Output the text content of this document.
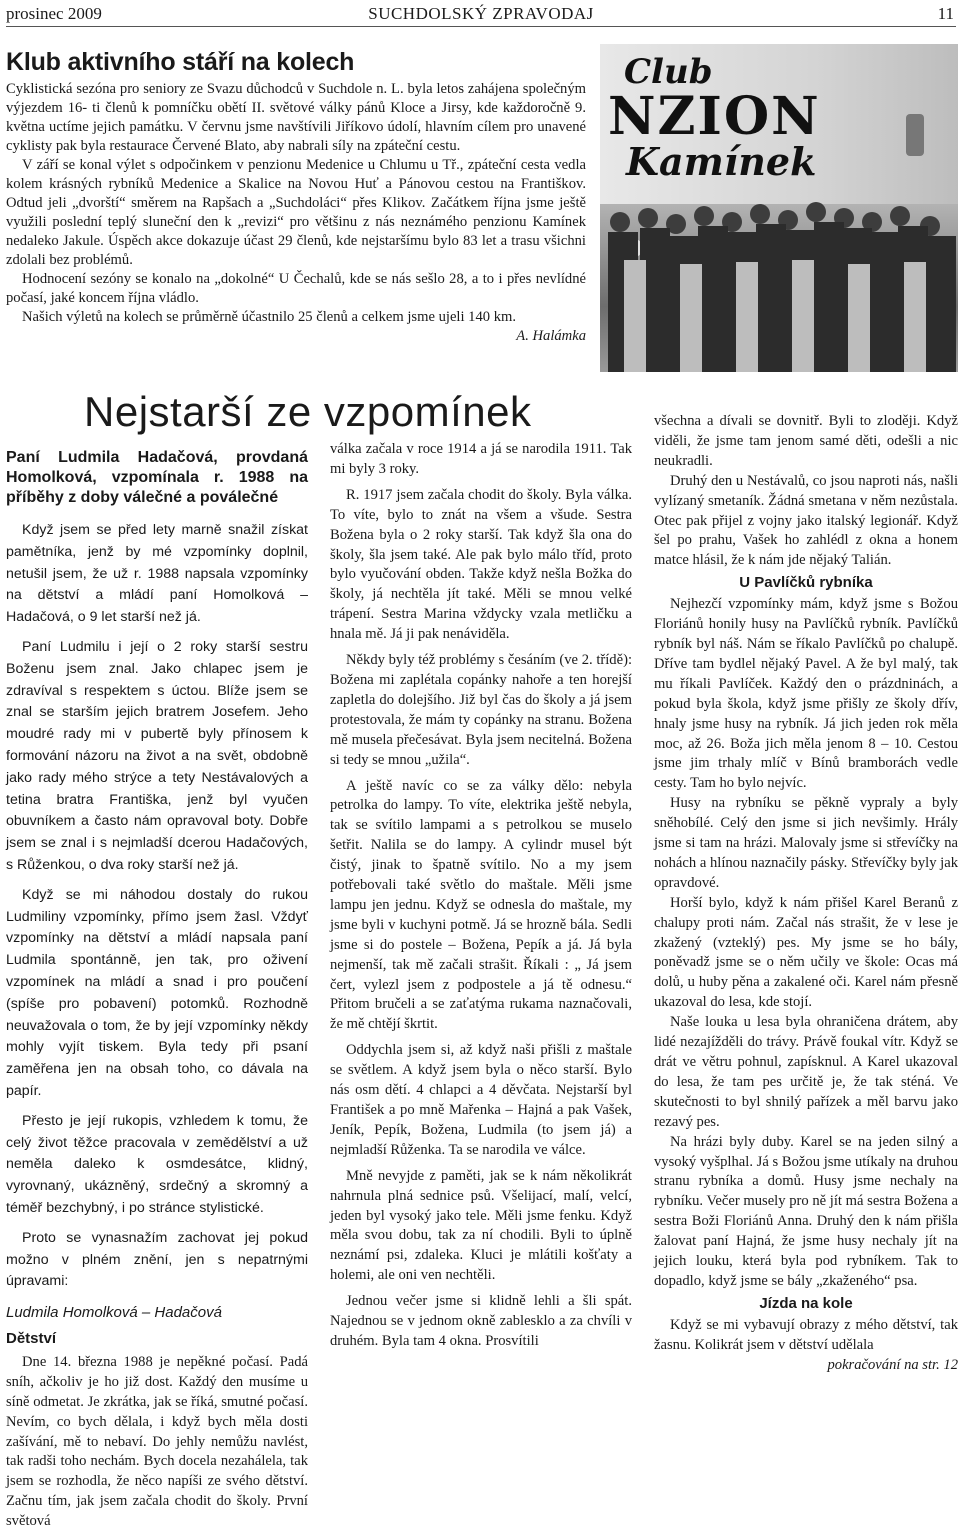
prosinec 2009	SUCHDOLSKÝ ZPRAVODAJ	11
Klub aktivního stáří na kolech

Cyklistická sezóna pro seniory ze Svazu důchodců v Suchdole n. L. byla letos zahájena společným výjezdem 16- ti členů k pomníčku obětí II. světové války pánů Kloce a Jirsy, kde každoročně 9. května uctíme jejich památku. V červnu jsme navštívili Jiříkovo údolí, hlavním cílem pro unavené cyklisty pak byla restaurace Červené Blato, aby nabrali síly na zpáteční cestu.

V září se konal výlet s odpočinkem v penzionu Medenice u Chlumu u Tř., zpáteční cesta vedla kolem krásných rybníků Medenice a Skalice na Novou Huť a Pánovou cestou na Františkov. Odtud jeli „dvorští“ směrem na Rapšach a „Suchdoláci“ přes Klikov. Začátkem října jsme ještě využili poslední teplý sluneční den k „revizi“ pro většinu z nás neznámého penzionu Kamínek nedaleko Jakule. Úspěch akce dokazuje účast 29 členů, kde nejstaršímu bylo 83 let a trasu všichni zdolali bez problémů.

Hodnocení sezóny se konalo na „dokolné“ U Čechalů, kde se nás sešlo 28, a to i přes nevlídné počasí, jaké koncem října vládlo.

Našich výletů na kolech se průměrně účastnilo 25 členů a celkem jsme ujeli 140 km.

A. Halámka

Club
NZION
Kamínek
Nejstarší ze vzpomínek
Paní Ludmila Hadačová, provdaná Homolková, vzpomínala r. 1988 na příběhy z doby válečné a poválečné

Když jsem se před lety marně snažil získat pamětníka, jenž by mé vzpomínky doplnil, netušil jsem, že už r. 1988 napsala vzpomínky na dětství a mládí paní Homolková – Hadačová, o 9 let starší než já.

Paní Ludmilu i její o 2 roky starší sestru Boženu jsem znal. Jako chlapec jsem je zdravíval s respektem s úctou. Blíže jsem se znal se starším jejich bratrem Josefem. Jeho moudré rady mi v pubertě byly přínosem k formování názoru na život a na svět, obdobně jako rady mého strýce a tety Nestávalových a tetina bratra Františka, jenž byl vyučen obuvníkem a často nám opravoval boty. Dobře jsem se znal i s nejmladší dcerou Hadačových, s Růženkou, o dva roky starší než já.

Když se mi náhodou dostaly do rukou Ludmiliny vzpomínky, přímo jsem žasl. Vždyť vzpomínky na dětství a mládí napsala paní Ludmila spontánně, jen tak, pro oživení vzpomínek na mládí a snad i pro poučení (spíše pro pobavení) potomků. Rozhodně neuvažovala o tom, že by její vzpomínky někdy mohly vyjít tiskem. Byla tedy při psaní zaměřena jen na obsah toho, co dávala na papír.

Přesto je její rukopis, vzhledem k tomu, že celý život těžce pracovala v zemědělství a už neměla daleko k osmdesátce, klidný, vyrovnaný, ukázněný, srdečný a skromný a téměř bezchybný, i po stránce stylistické.

Proto se vynasnažím zachovat jej pokud možno v plném znění, jen s nepatrnými úpravami:

Ludmila Homolková – Hadačová
Dětství

Dne 14. března 1988 je nepěkné počasí. Padá sníh, ačkoliv je ho již dost. Každý den musíme u síně odmetat. Je zkrátka, jak se říká, smutné počasí. Nevím, co bych dělala, i když bych měla dosti zašívání, mě to nebaví. Do jehly nemůžu navlést, tak radši toho nechám. Bych docela nezahálela, tak jsem se rozhodla, že něco napíši ze svého dětství. Začnu tím, jak jsem začala chodit do školy. První světová

válka začala v roce 1914 a já se narodila 1911. Tak mi byly 3 roky.

R. 1917 jsem začala chodit do školy. Byla válka. To víte, bylo to znát na všem a všude. Sestra Božena byla o 2 roky starší. Tak když šla ona do školy, šla jsem také. Ale pak bylo málo tříd, proto bylo vyučování obden. Takže když nešla Božka do školy, já nechtěla jít také. Měli se mnou velké trápení. Sestra Marina vždycky vzala metličku a hnala mě. Já ji pak nenáviděla.

Někdy byly též problémy s česáním (ve 2. třídě): Božena mi zaplétala copánky nahoře a ten horejší zapletla do dolejšího. Již byl čas do školy a já jsem protestovala, že mám ty copánky na stranu. Božena mě musela přečesávat. Byla jsem necitelná. Božena si tedy se mnou „užila“.

A ještě navíc co se za války dělo: nebyla petrolka do lampy. To víte, elektrika ještě nebyla, tak se svítilo lampami a s petrolkou se muselo šetřit. Nalila se do lampy. A cylindr musel být čistý, jinak to špatně svítilo. No a my jsem potřebovali také světlo do maštale. Měli jsme lampu jen jednu. Když se odnesla do maštale, my jsme byli v kuchyni potmě. Já se hrozně bála. Sedli jsme si do postele – Božena, Pepík a já. Já byla nejmenší, tak mě začali strašit. Říkali : „ Já jsem čert, vylezl jsem z podpostele a já tě odnesu.“ Přitom bručeli a se zaťatýma rukama naznačovali, že mě chtějí škrtit.

Oddychla jsem si, až když naši přišli z maštale se světlem. A když jsem byla o něco starší. Bylo nás osm dětí. 4 chlapci a 4 děvčata. Nejstarší byl František a po mně Mařenka – Hajná a pak Vašek, Jeník, Pepík, Božena, Ludmila (to jsem já) a nejmladší Růženka. Ta se narodila ve válce.

Mně nevyjde z paměti, jak se k nám několikrát nahrnula plná sednice psů. Všelijací, malí, velcí, jeden byl vysoký jako tele. Měli jsme fenku. Když měla svou dobu, tak za ní chodili. Byli to úplně neznámí psi, zdaleka. Kluci je mlátili košťaty a holemi, ale oni ven nechtěli.

Jednou večer jsme si klidně lehli a šli spát. Najednou se v jednom okně zablesklo a za chvíli v druhém. Byla tam 4 okna. Prosvítili

všechna a dívali se dovnitř. Byli to zloději. Když viděli, že jsme tam jenom samé děti, odešli a nic neukradli.

Druhý den u Nestávalů, co jsou naproti nás, našli vylízaný smetaník. Žádná smetana v něm nezůstala. Otec pak přijel z vojny jako italský legionář. Když šel po prahu, Vašek ho zahlédl z okna a honem matce hlásil, že k nám jde nějaký Talián.

U Pavlíčků rybníka

Nejhezčí vzpomínky mám, když jsme s Božou Floriánů honily husy na Pavlíčků rybník. Pavlíčků rybník byl náš. Nám se říkalo Pavlíčků po chalupě. Dříve tam bydlel nějaký Pavel. A že byl malý, tak mu říkali Pavlíček. Každý den o prázdninách, a pokud byla škola, když jsme přišly ze školy dřív, hnaly jsme husy na rybník. Já jich jeden rok měla moc, až 26. Boža jich měla jenom 8 – 10. Cestou jsme jim trhaly mlíč v Bínů bramborách vedle cesty. Tam ho bylo nejvíc.

Husy na rybníku se pěkně vypraly a byly sněhobílé. Celý den jsme si jich nevšimly. Hrály jsme si tam na hrázi. Malovaly jsme si střevíčky na nohách a hlínou naznačily pásky. Střevíčky byly jak opravdové.

Horší bylo, když k nám přišel Karel Beranů z chalupy proti nám. Začal nás strašit, že v lese je zkažený (vzteklý) pes. My jsme se ho bály, poněvadž jsme se o něm učily ve škole: Ocas má dolů, u huby pěna a zakalené oči. Karel nám přesně ukazoval do lesa, kde stojí.

Naše louka u lesa byla ohraničena drátem, aby lidé nezajížděli do trávy. Právě foukal vítr. Když se drát ve větru pohnul, zapísknul. A Karel ukazoval do lesa, že tam pes určitě je, že tak sténá. Ve skutečnosti to byl shnilý pařízek a měl barvu jako rezavý pes.

Na hrázi byly duby. Karel se na jeden silný a vysoký vyšplhal. Já s Božou jsme utíkaly na druhou stranu rybníka a domů. Husy jsme nechaly na rybníku. Večer musely pro ně jít má sestra Božena a sestra Boži Floriánů Anna. Druhý den k nám přišla žalovat paní Hajná, že jsme husy nechaly jít na jejich louku, která byla pod rybníkem. Tak to dopadlo, když jsme se bály „zkaženého“ psa.

Jízda na kole

Když se mi vybavují obrazy z mého dětství, tak žasnu. Kolikrát jsem v dětství udělala

pokračování na str. 12
